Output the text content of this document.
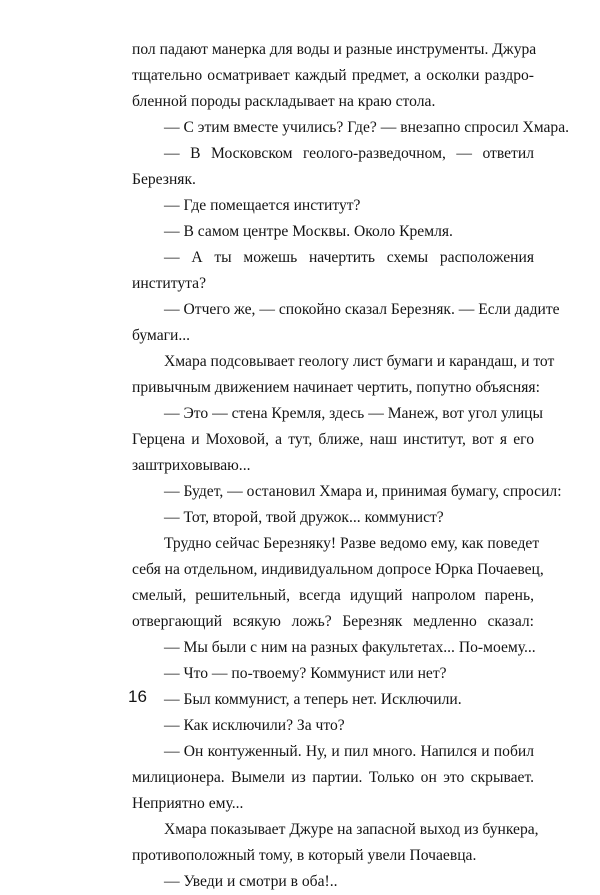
пол падают манерка для воды и разные инструменты. Джура
тщательно осматривает каждый предмет, а осколки раздро-
бленной породы раскладывает на краю стола.
— С этим вместе учились? Где? — внезапно спросил Хмара.
— В Московском геолого-разведочном, — ответил
Березняк.
— Где помещается институт?
— В самом центре Москвы. Около Кремля.
— А ты можешь начертить схемы расположения
института?
— Отчего же, — спокойно сказал Березняк. — Если дадите
бумаги...
Хмара подсовывает геологу лист бумаги и карандаш, и тот
привычным движением начинает чертить, попутно объясняя:
— Это — стена Кремля, здесь — Манеж, вот угол улицы
Герцена и Моховой, а тут, ближе, наш институт, вот я его
заштриховываю...
— Будет, — остановил Хмара и, принимая бумагу, спросил:
— Тот, второй, твой дружок... коммунист?
Трудно сейчас Березняку! Разве ведомо ему, как поведет
себя на отдельном, индивидуальном допросе Юрка Почаевец,
смелый, решительный, всегда идущий напролом парень,
отвергающий всякую ложь? Березняк медленно сказал:
— Мы были с ним на разных факультетах... По-моему...
— Что — по-твоему? Коммунист или нет?
— Был коммунист, а теперь нет. Исключили.
— Как исключили? За что?
— Он контуженный. Ну, и пил много. Напился и побил
милиционера. Вымели из партии. Только он это скрывает.
Неприятно ему...
Хмара показывает Джуре на запасной выход из бункера,
противоположный тому, в который увели Почаевца.
— Уведи и смотри в оба!..
16
